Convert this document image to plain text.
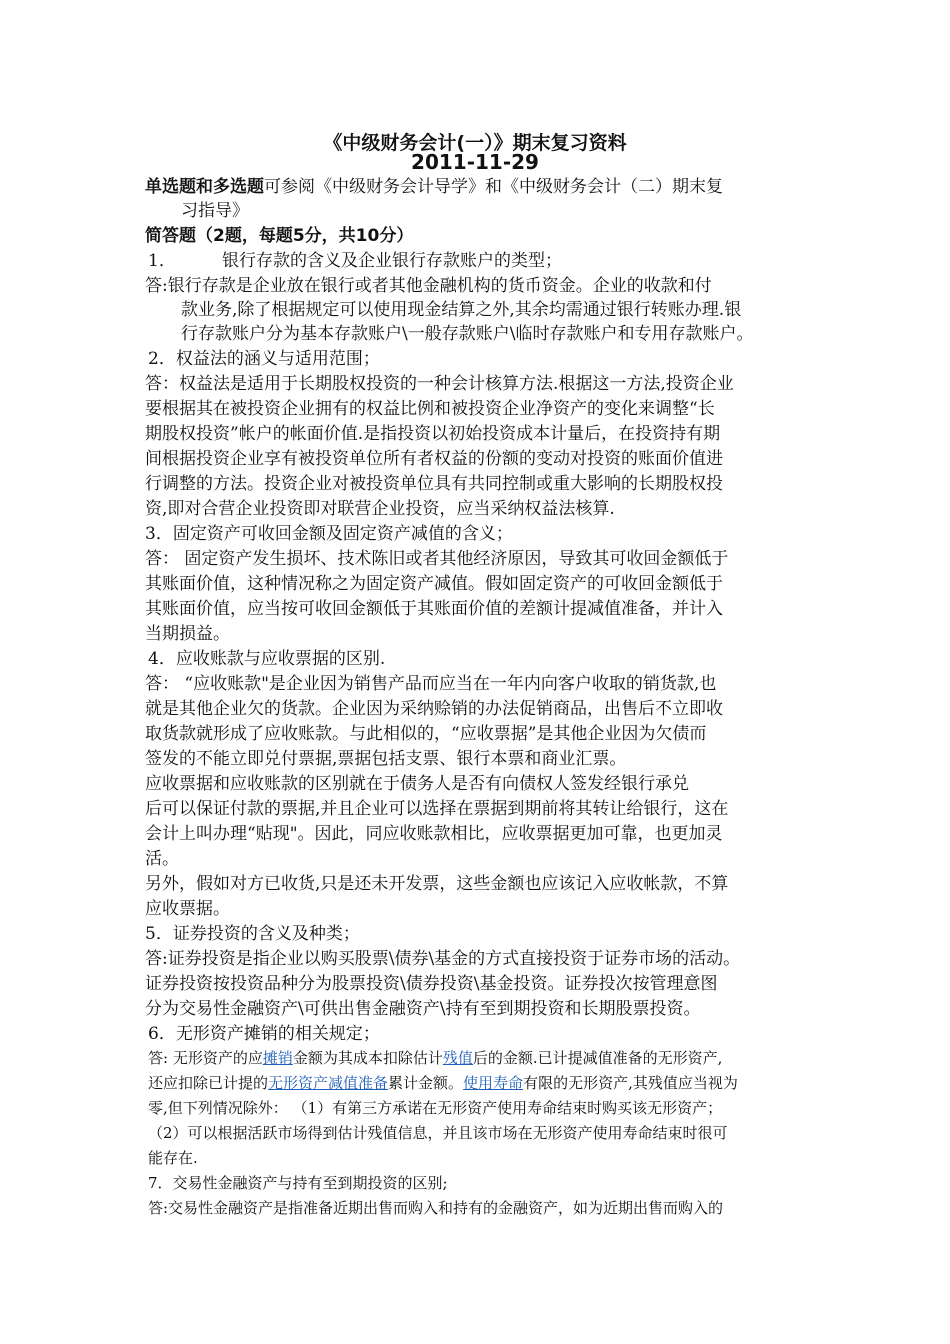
《中级财务会计(一）》期末复习资料
2011-11-29
单选题和多选题可参阅《中级财务会计导学》和《中级财务会计（二）期末复
习指导》
简答题（2题，每题5分，共10分）
1．	银行存款的含义及企业银行存款账户的类型；
答:银行存款是企业放在银行或者其他金融机构的货币资金。企业的收款和付
款业务,除了根据规定可以使用现金结算之外,其余均需通过银行转账办理.银
行存款账户分为基本存款账户\一般存款账户\临时存款账户和专用存款账户。
2．权益法的涵义与适用范围；
答：权益法是适用于长期股权投资的一种会计核算方法.根据这一方法,投资企业
要根据其在被投资企业拥有的权益比例和被投资企业净资产的变化来调整“长
期股权投资”帐户的帐面价值.是指投资以初始投资成本计量后，在投资持有期
间根据投资企业享有被投资单位所有者权益的份额的变动对投资的账面价值进
行调整的方法。投资企业对被投资单位具有共同控制或重大影响的长期股权投
资,即对合营企业投资即对联营企业投资，应当采纳权益法核算.
3．固定资产可收回金额及固定资产减值的含义；
答： 固定资产发生损坏、技术陈旧或者其他经济原因，导致其可收回金额低于
其账面价值，这种情况称之为固定资产减值。假如固定资产的可收回金额低于
其账面价值，应当按可收回金额低于其账面价值的差额计提减值准备，并计入
当期损益。
4．应收账款与应收票据的区别.
答： “应收账款"是企业因为销售产品而应当在一年内向客户收取的销货款,也
就是其他企业欠的货款。企业因为采纳赊销的办法促销商品，出售后不立即收
取货款就形成了应收账款。与此相似的，“应收票据”是其他企业因为欠债而
签发的不能立即兑付票据,票据包括支票、银行本票和商业汇票。
应收票据和应收账款的区别就在于债务人是否有向债权人签发经银行承兑
后可以保证付款的票据,并且企业可以选择在票据到期前将其转让给银行，这在
会计上叫办理“贴现"。因此，同应收账款相比，应收票据更加可靠，也更加灵
活。
另外，假如对方已收货,只是还未开发票，这些金额也应该记入应收帐款，不算
应收票据。
5．证券投资的含义及种类；
答:证券投资是指企业以购买股票\债券\基金的方式直接投资于证券市场的活动。
证券投资按投资品种分为股票投资\债券投资\基金投资。证券投次按管理意图
分为交易性金融资产\可供出售金融资产\持有至到期投资和长期股票投资。
6．无形资产摊销的相关规定；
答: 无形资产的应摊销金额为其成本扣除估计残值后的金额.已计提减值准备的无形资产,
还应扣除已计提的无形资产减值准备累计金额。使用寿命有限的无形资产,其残值应当视为
零,但下列情况除外： （1）有第三方承诺在无形资产使用寿命结束时购买该无形资产；
（2）可以根据活跃市场得到估计残值信息，并且该市场在无形资产使用寿命结束时很可
能存在.
7．交易性金融资产与持有至到期投资的区别;
答:交易性金融资产是指准备近期出售而购入和持有的金融资产，如为近期出售而购入的
